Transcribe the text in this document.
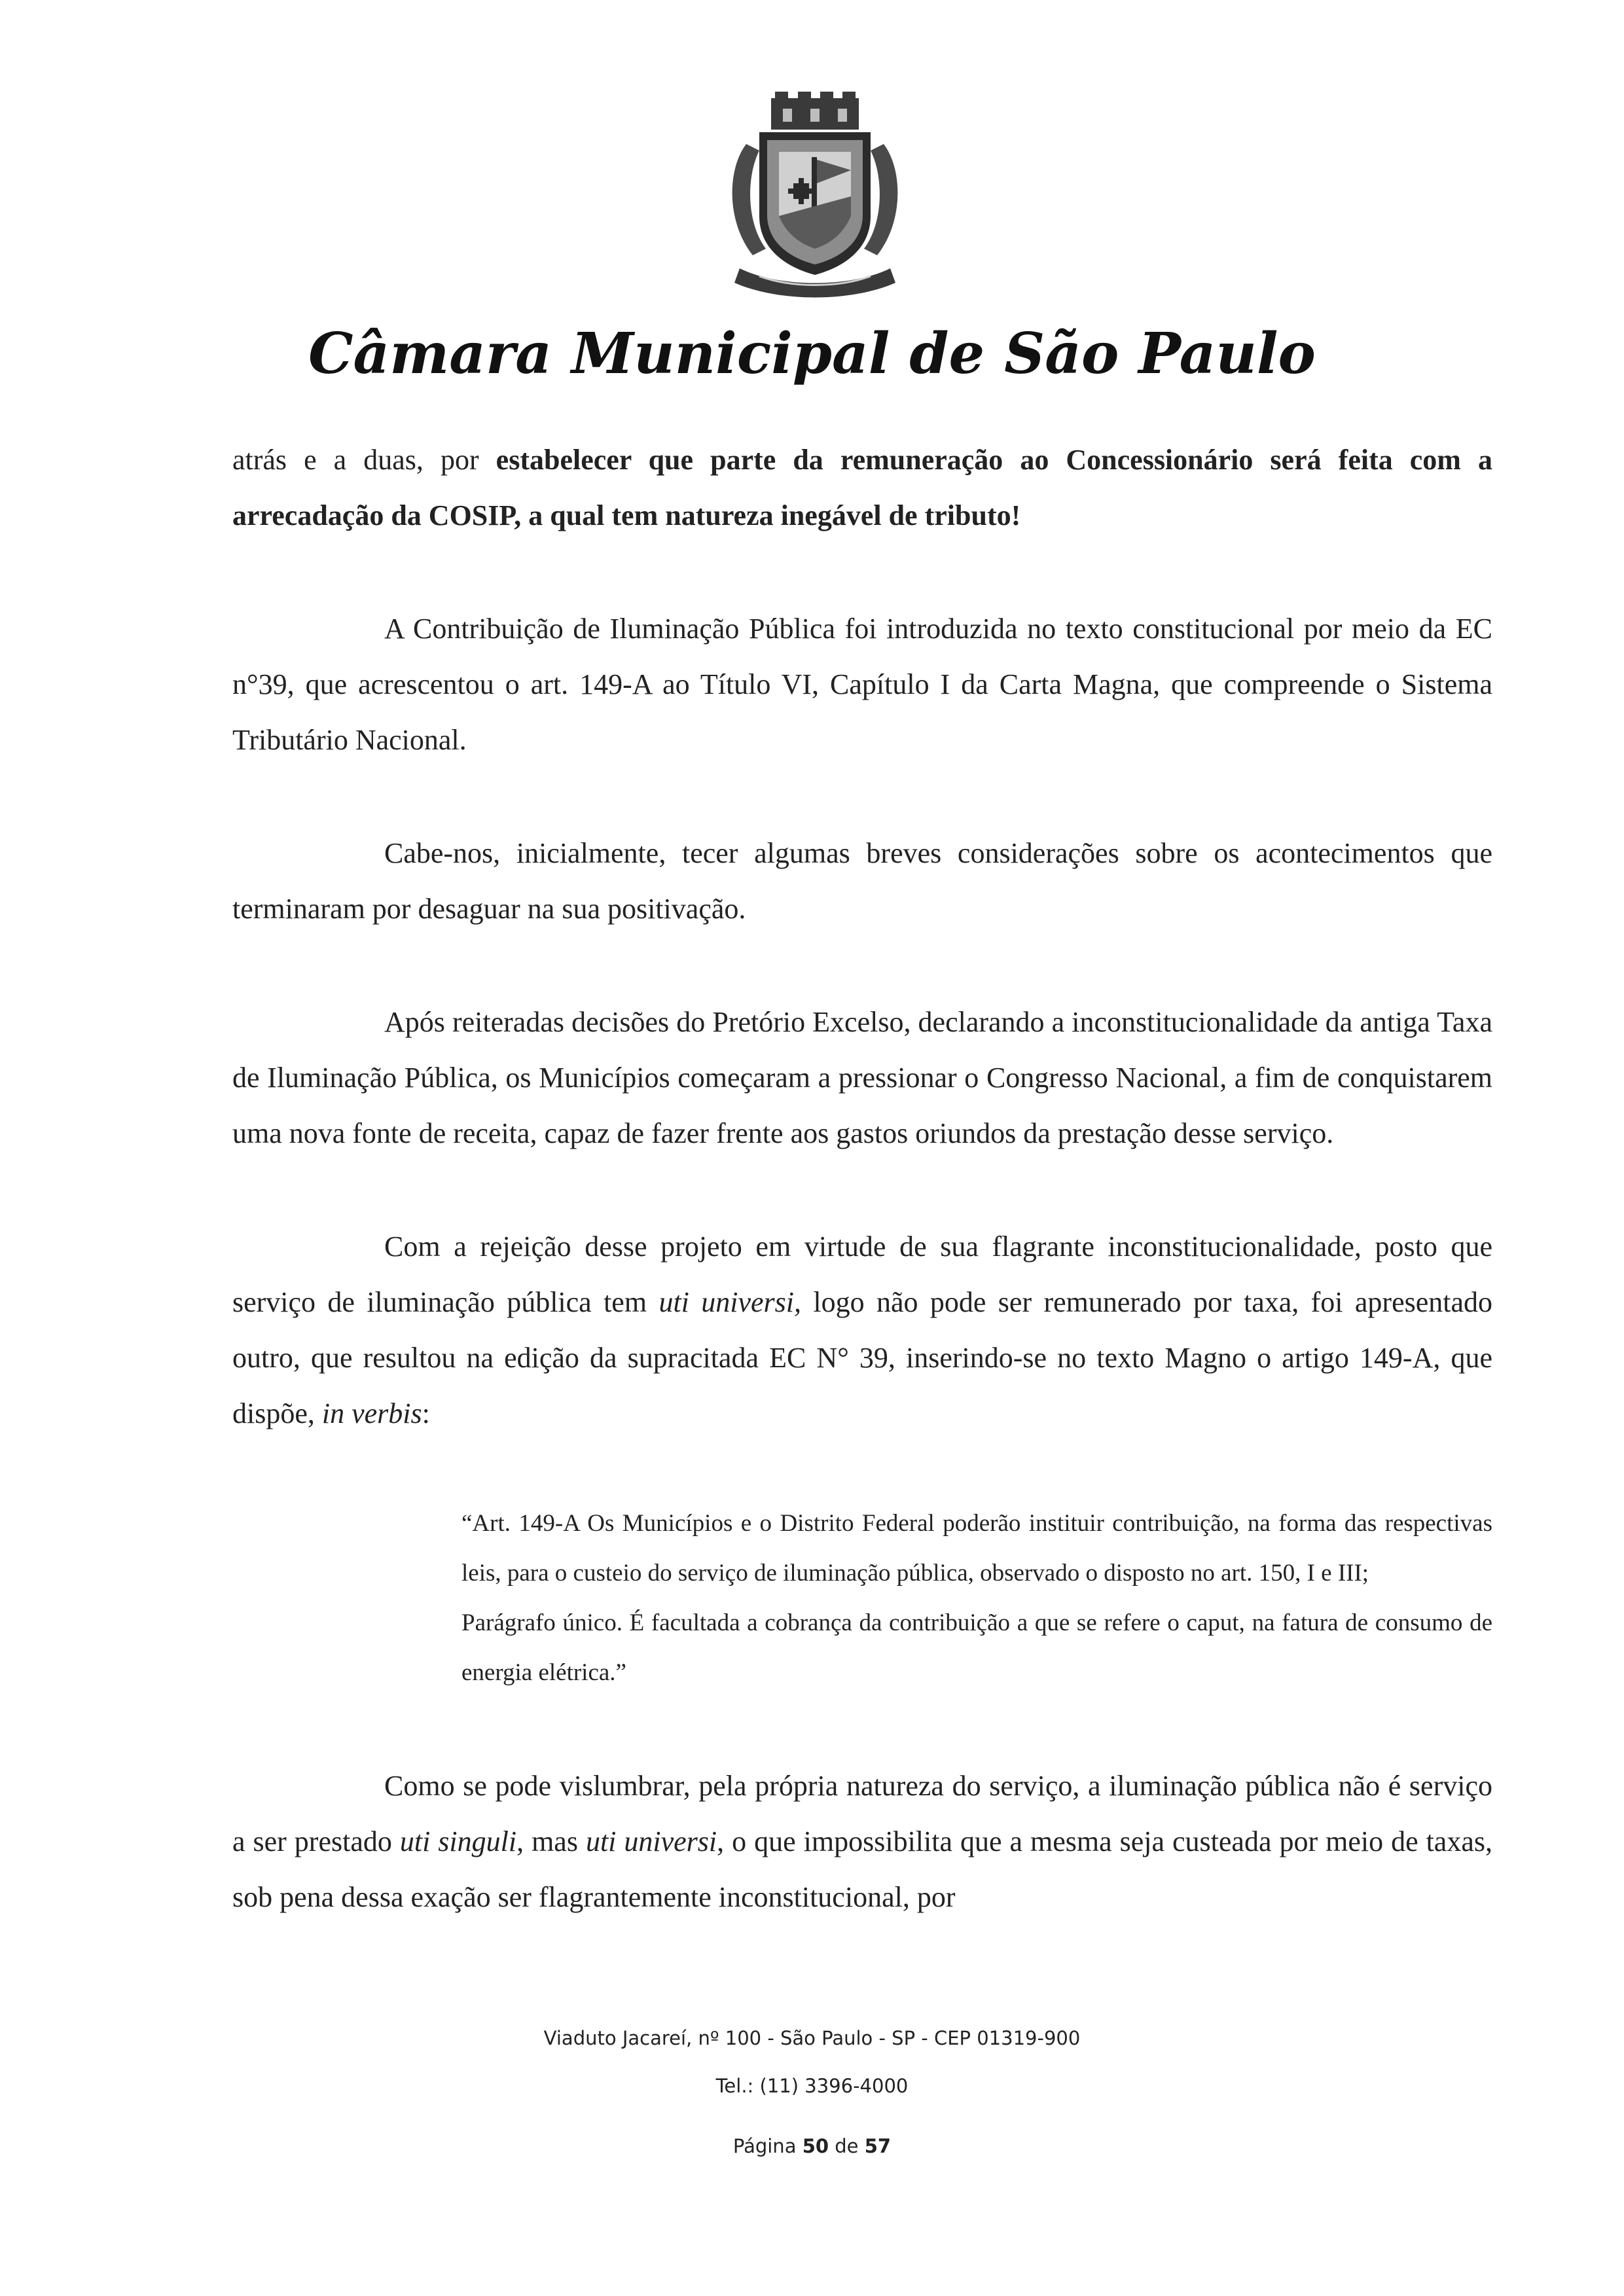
Câmara Municipal de São Paulo

atrás e a duas, por estabelecer que parte da remuneração ao Concessionário será feita com a arrecadação da COSIP, a qual tem natureza inegável de tributo!

A Contribuição de Iluminação Pública foi introduzida no texto constitucional por meio da EC n°39, que acrescentou o art. 149-A ao Título VI, Capítulo I da Carta Magna, que compreende o Sistema Tributário Nacional.

Cabe-nos, inicialmente, tecer algumas breves considerações sobre os acontecimentos que terminaram por desaguar na sua positivação.

Após reiteradas decisões do Pretório Excelso, declarando a inconstitucionalidade da antiga Taxa de Iluminação Pública, os Municípios começaram a pressionar o Congresso Nacional, a fim de conquistarem uma nova fonte de receita, capaz de fazer frente aos gastos oriundos da prestação desse serviço.

Com a rejeição desse projeto em virtude de sua flagrante inconstitucionalidade, posto que serviço de iluminação pública tem uti universi, logo não pode ser remunerado por taxa, foi apresentado outro, que resultou na edição da supracitada EC N° 39, inserindo-se no texto Magno o artigo 149-A, que dispõe, in verbis:

“Art. 149-A Os Municípios e o Distrito Federal poderão instituir contribuição, na forma das respectivas leis, para o custeio do serviço de iluminação pública, observado o disposto no art. 150, I e III;

Parágrafo único. É facultada a cobrança da contribuição a que se refere o caput, na fatura de consumo de energia elétrica.”

Como se pode vislumbrar, pela própria natureza do serviço, a iluminação pública não é serviço a ser prestado uti singuli, mas uti universi, o que impossibilita que a mesma seja custeada por meio de taxas, sob pena dessa exação ser flagrantemente inconstitucional, por

Viaduto Jacareí, nº 100 - São Paulo - SP - CEP 01319-900
Tel.: (11) 3396-4000
Página 50 de 57
